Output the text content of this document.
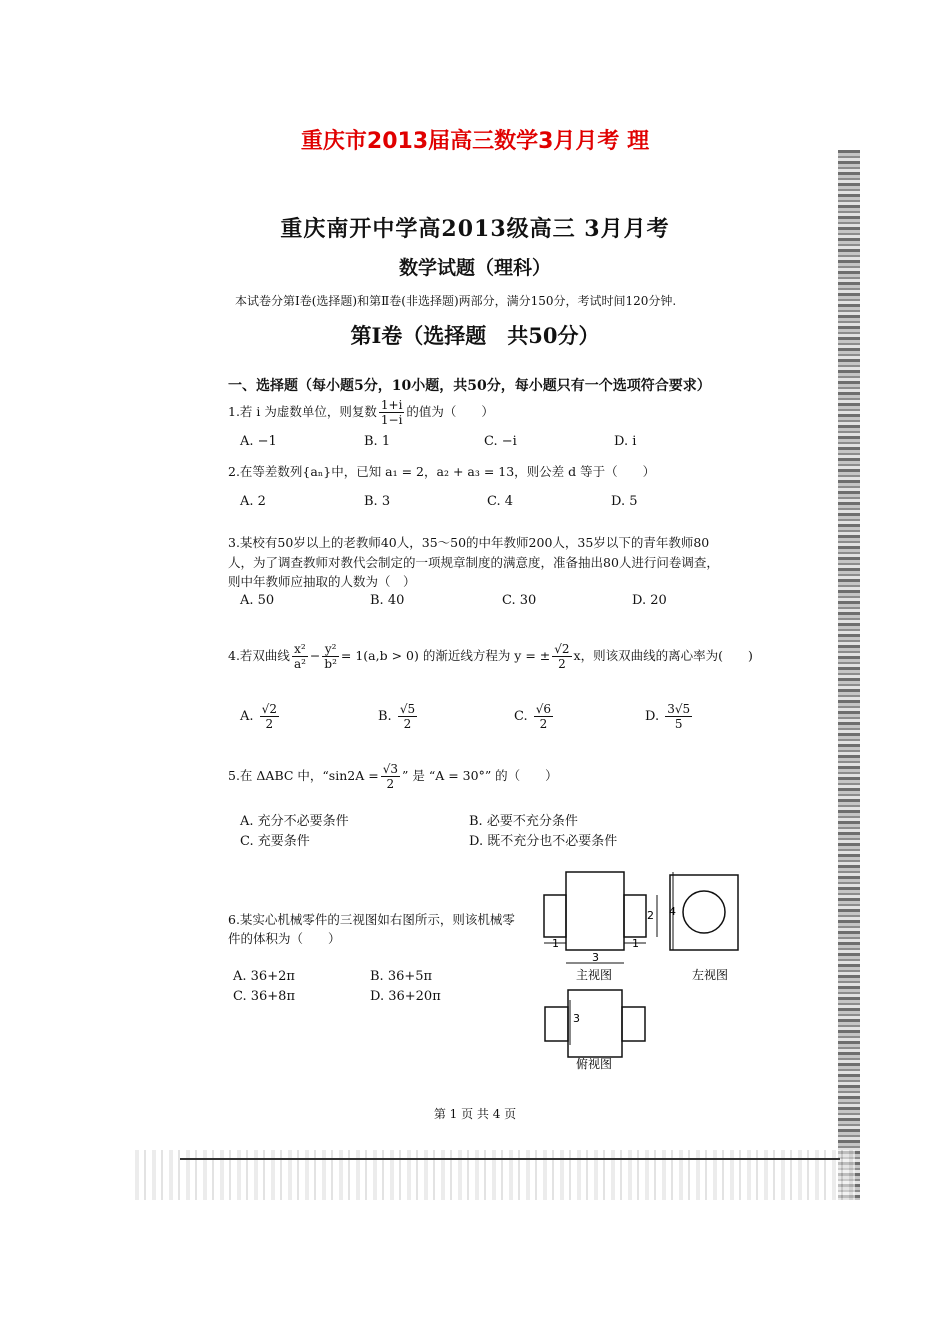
重庆市2013届高三数学3月月考 理
重庆南开中学高2013级高三 3月月考
数学试题（理科）
本试卷分第Ⅰ卷(选择题)和第Ⅱ卷(非选择题)两部分，满分150分，考试时间120分钟.
第Ⅰ卷（选择题　共50分）
一、选择题（每小题5分，10小题，共50分，每小题只有一个选项符合要求）
1.若 i 为虚数单位，则复数 $\frac{1+i}{1-i}$ 的值为（　　）
A. −1	B. 1	C. −i	D. i
2.在等差数列{aₙ}中，已知 a₁ = 2，a₂ + a₃ = 13，则公差 d 等于（　　）
A. 2	B. 3	C. 4	D. 5
3.某校有50岁以上的老教师40人，35～50的中年教师200人，35岁以下的青年教师80
人，为了调查教师对教代会制定的一项规章制度的满意度，准备抽出80人进行问卷调查，
则中年教师应抽取的人数为（　）
A. 50	B. 40	C. 30	D. 20
4.若双曲线 $\frac{\text{x²}}{\text{a²}} - \frac{\text{y²}}{\text{b²}} = 1(a,b > 0)$ 的渐近线方程为 y = ± $\frac{√2}{2}$ x，则该双曲线的离心率为(　　)
A. $\frac{√2}{2}$	B. $\frac{√5}{2}$	C. $\frac{√6}{2}$	D. $\frac{3√5}{5}$
5.在 ΔABC 中，“$\sin 2A = \frac{√3}{2}$ ” 是 “A = 30°” 的（　　）
A. 充分不必要条件	B. 必要不充分条件
C. 充要条件	D. 既不充分也不必要条件
6.某实心机械零件的三视图如右图所示，则该机械零
件的体积为（　　）
A. 36+2π	B. 36+5π
C. 36+8π	D. 36+20π
3
1	1
2 4
3
主视图	左视图
俯视图
第 1 页 共 4 页
